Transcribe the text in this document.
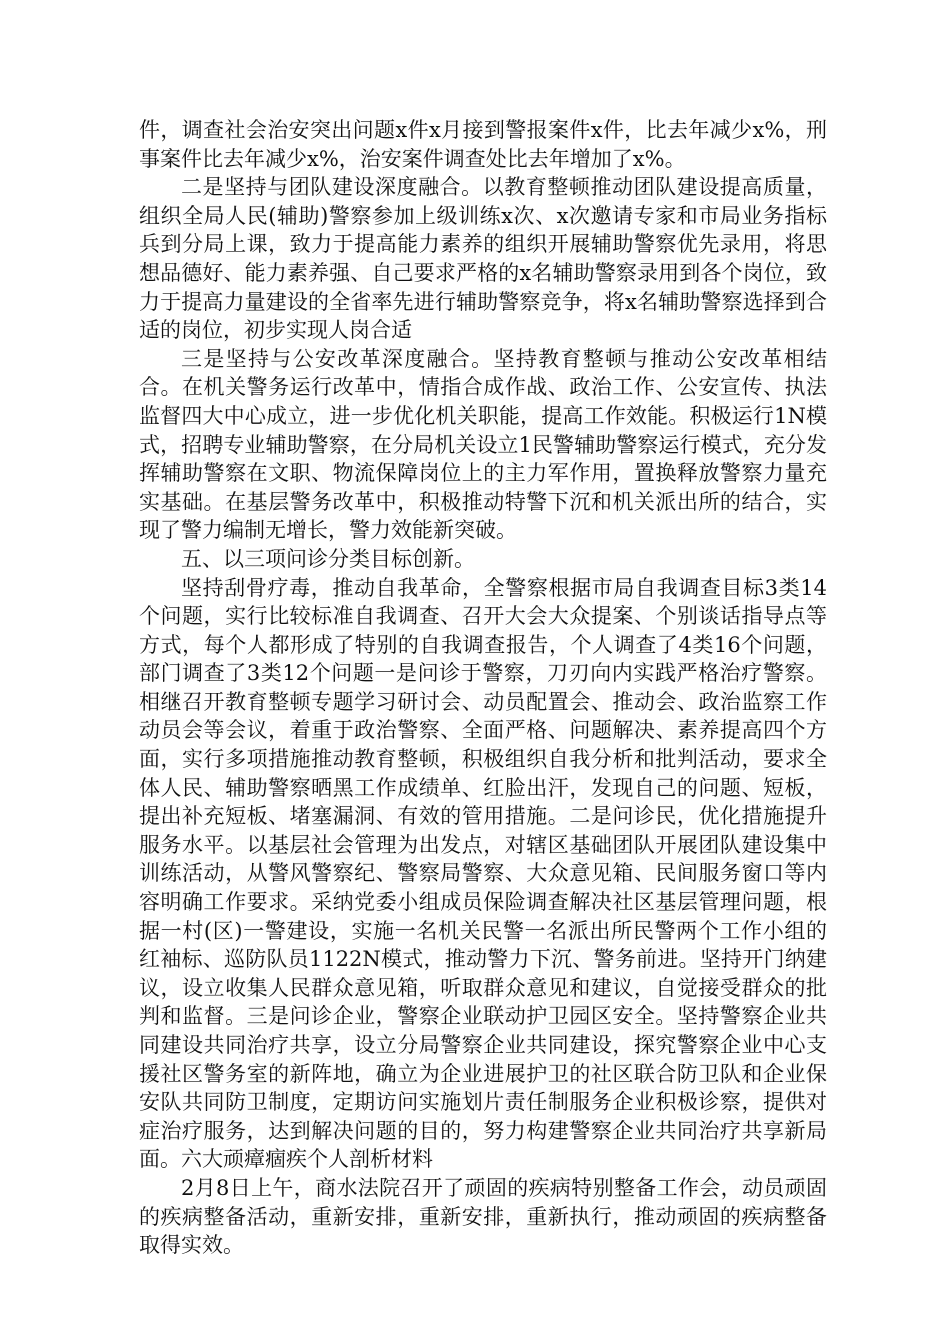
件，调查社会治安突出问题x件x月接到警报案件x件，比去年减少x%，刑事案件比去年减少x%，治安案件调查处比去年增加了x%。

二是坚持与团队建设深度融合。以教育整顿推动团队建设提高质量，组织全局人民(辅助)警察参加上级训练x次、x次邀请专家和市局业务指标兵到分局上课，致力于提高能力素养的组织开展辅助警察优先录用，将思想品德好、能力素养强、自己要求严格的x名辅助警察录用到各个岗位，致力于提高力量建设的全省率先进行辅助警察竞争，将x名辅助警察选择到合适的岗位，初步实现人岗合适

三是坚持与公安改革深度融合。坚持教育整顿与推动公安改革相结合。在机关警务运行改革中，情指合成作战、政治工作、公安宣传、执法监督四大中心成立，进一步优化机关职能，提高工作效能。积极运行1N模式，招聘专业辅助警察，在分局机关设立1民警辅助警察运行模式，充分发挥辅助警察在文职、物流保障岗位上的主力军作用，置换释放警察力量充实基础。在基层警务改革中，积极推动特警下沉和机关派出所的结合，实现了警力编制无增长，警力效能新突破。

五、以三项问诊分类目标创新。

坚持刮骨疗毒，推动自我革命，全警察根据市局自我调查目标3类14个问题，实行比较标准自我调查、召开大会大众提案、个别谈话指导点等方式，每个人都形成了特别的自我调查报告，个人调查了4类16个问题，部门调查了3类12个问题一是问诊于警察，刀刃向内实践严格治疗警察。相继召开教育整顿专题学习研讨会、动员配置会、推动会、政治监察工作动员会等会议，着重于政治警察、全面严格、问题解决、素养提高四个方面，实行多项措施推动教育整顿，积极组织自我分析和批判活动，要求全体人民、辅助警察晒黑工作成绩单、红脸出汗，发现自己的问题、短板，提出补充短板、堵塞漏洞、有效的管用措施。二是问诊民，优化措施提升服务水平。以基层社会管理为出发点，对辖区基础团队开展团队建设集中训练活动，从警风警察纪、警察局警察、大众意见箱、民间服务窗口等内容明确工作要求。采纳党委小组成员保险调查解决社区基层管理问题，根据一村(区)一警建设，实施一名机关民警一名派出所民警两个工作小组的红袖标、巡防队员1122N模式，推动警力下沉、警务前进。坚持开门纳建议，设立收集人民群众意见箱，听取群众意见和建议，自觉接受群众的批判和监督。三是问诊企业，警察企业联动护卫园区安全。坚持警察企业共同建设共同治疗共享，设立分局警察企业共同建设，探究警察企业中心支援社区警务室的新阵地，确立为企业进展护卫的社区联合防卫队和企业保安队共同防卫制度，定期访问实施划片责任制服务企业积极诊察，提供对症治疗服务，达到解决问题的目的，努力构建警察企业共同治疗共享新局面。六大顽瘴痼疾个人剖析材料

2月8日上午，商水法院召开了顽固的疾病特别整备工作会，动员顽固的疾病整备活动，重新安排，重新安排，重新执行，推动顽固的疾病整备取得实效。
